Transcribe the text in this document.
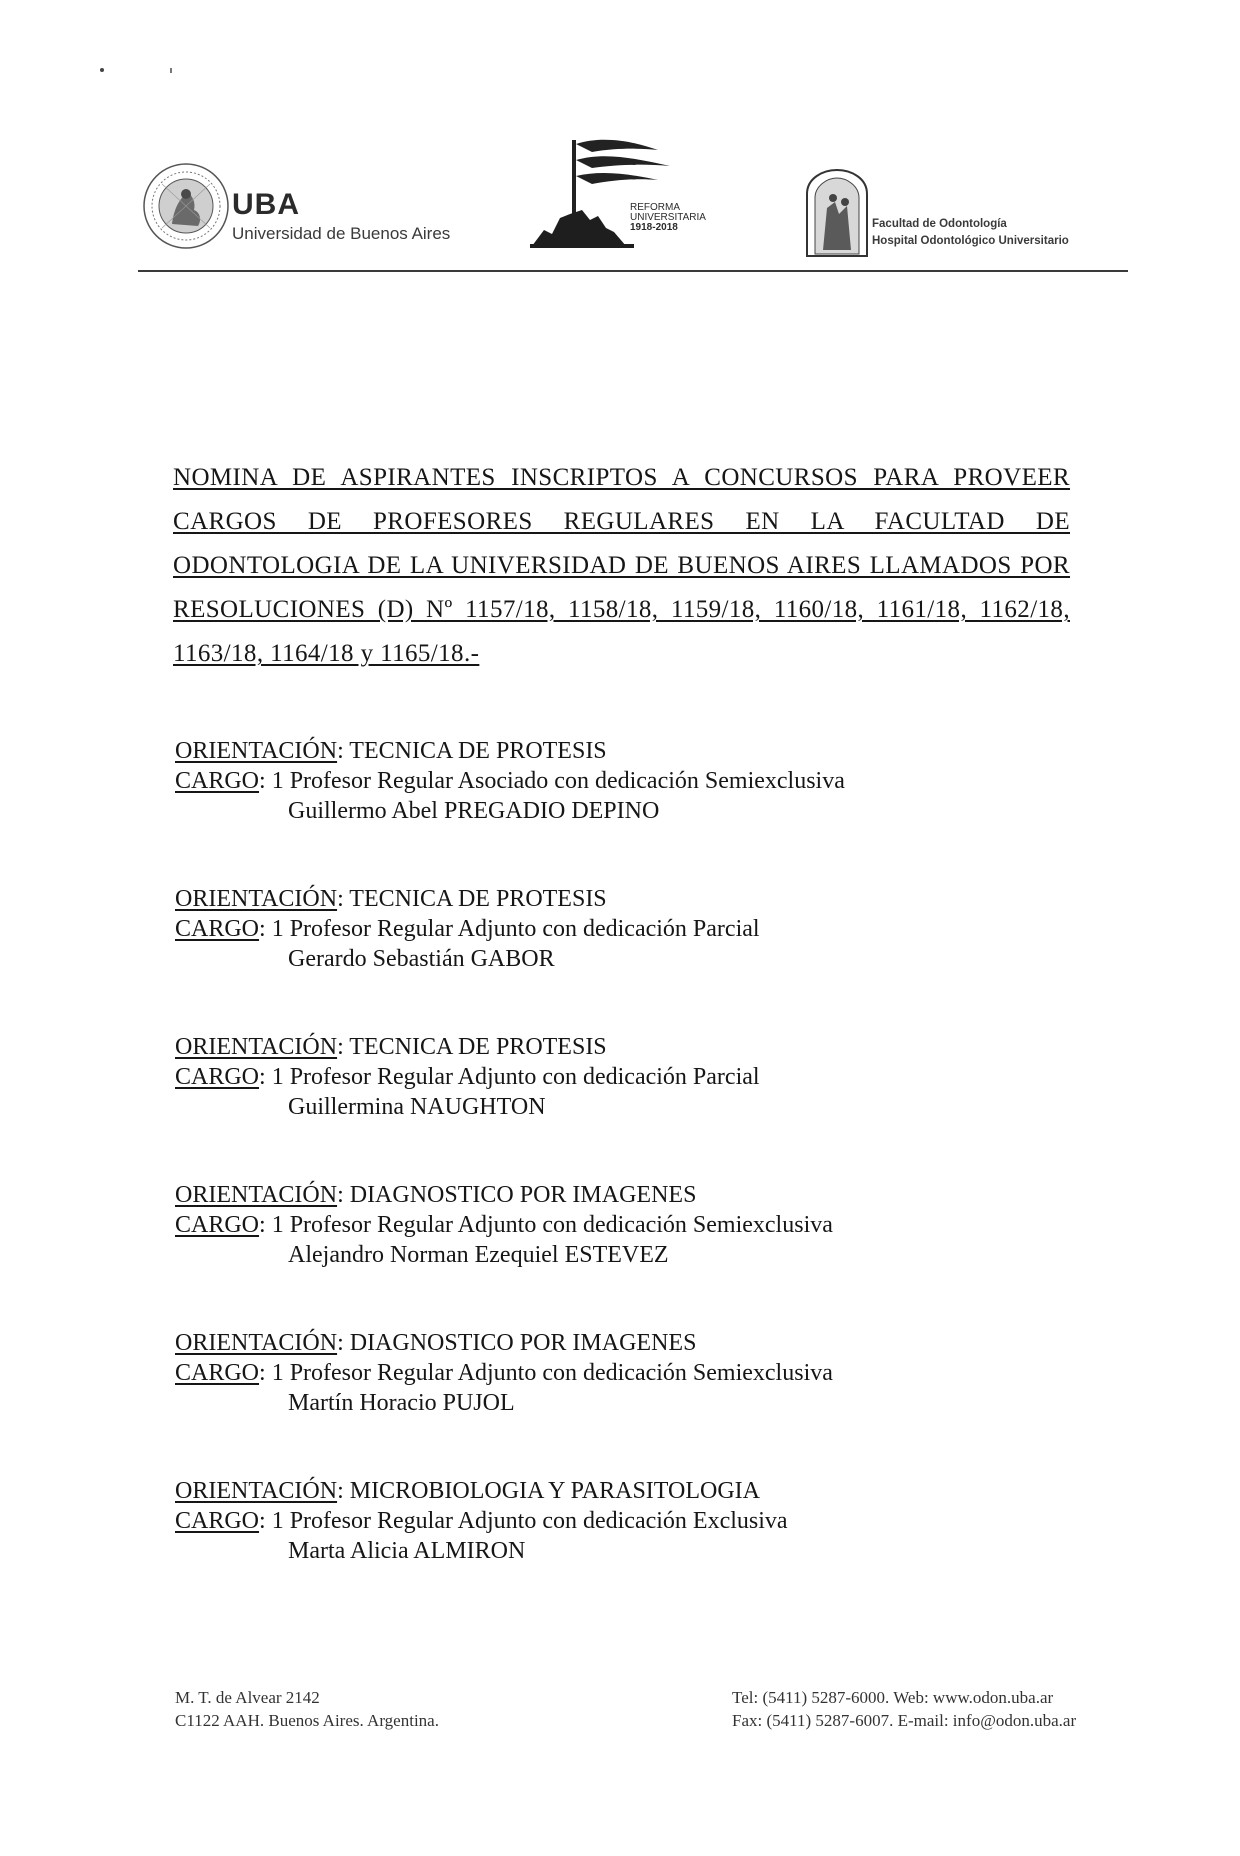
UBA
Universidad de Buenos Aires
REFORMA
UNIVERSITARIA
1918-2018	Facultad de Odontología
Hospital Odontológico Universitario
NOMINA DE ASPIRANTES INSCRIPTOS A CONCURSOS PARA PROVEER
CARGOS DE PROFESORES REGULARES EN LA FACULTAD DE
ODONTOLOGIA DE LA UNIVERSIDAD DE BUENOS AIRES LLAMADOS POR
RESOLUCIONES (D) Nº 1157/18, 1158/18, 1159/18, 1160/18, 1161/18, 1162/18,
1163/18, 1164/18 y 1165/18.-
ORIENTACIÓN: TECNICA DE PROTESIS
CARGO: 1 Profesor Regular Asociado con dedicación Semiexclusiva
Guillermo Abel PREGADIO DEPINO
ORIENTACIÓN: TECNICA DE PROTESIS
CARGO: 1 Profesor Regular Adjunto con dedicación Parcial
Gerardo Sebastián GABOR
ORIENTACIÓN: TECNICA DE PROTESIS
CARGO: 1 Profesor Regular Adjunto con dedicación Parcial
Guillermina NAUGHTON
ORIENTACIÓN: DIAGNOSTICO POR IMAGENES
CARGO: 1 Profesor Regular Adjunto con dedicación Semiexclusiva
Alejandro Norman Ezequiel ESTEVEZ
ORIENTACIÓN: DIAGNOSTICO POR IMAGENES
CARGO: 1 Profesor Regular Adjunto con dedicación Semiexclusiva
Martín Horacio PUJOL
ORIENTACIÓN: MICROBIOLOGIA Y PARASITOLOGIA
CARGO: 1 Profesor Regular Adjunto con dedicación Exclusiva
Marta Alicia ALMIRON
M. T. de Alvear 2142
C1122 AAH. Buenos Aires. Argentina.
Tel: (5411) 5287-6000. Web: www.odon.uba.ar
Fax: (5411) 5287-6007. E-mail: info@odon.uba.ar
